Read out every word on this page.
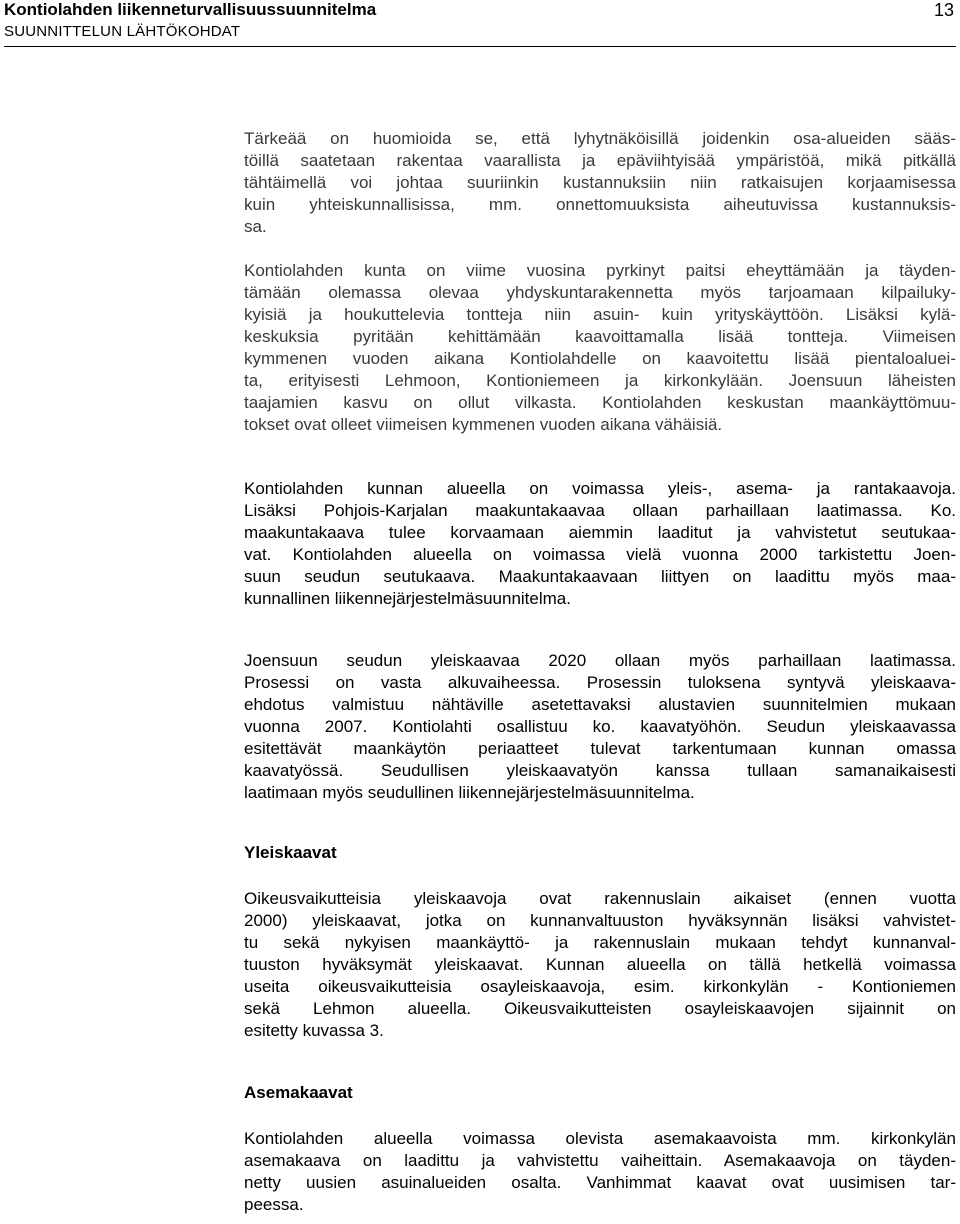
Kontiolahden liikenneturvallisuussuunnitelma
SUUNNITTELUN LÄHTÖKOHDAT
13

Tärkeää on huomioida se, että lyhytnäköisillä joidenkin osa-alueiden sääs-
töillä saatetaan rakentaa vaarallista ja epäviihtyisää ympäristöä, mikä pitkällä
tähtäimellä voi johtaa suuriinkin kustannuksiin niin ratkaisujen korjaamisessa
kuin yhteiskunnallisissa, mm. onnettomuuksista aiheutuvissa kustannuksis-
sa.

Kontiolahden kunta on viime vuosina pyrkinyt paitsi eheyttämään ja täyden-
tämään olemassa olevaa yhdyskuntarakennetta myös tarjoamaan kilpailuky-
kyisiä ja houkuttelevia tontteja niin asuin- kuin yrityskäyttöön. Lisäksi kylä-
keskuksia pyritään kehittämään kaavoittamalla lisää tontteja. Viimeisen
kymmenen vuoden aikana Kontiolahdelle on kaavoitettu lisää pientaloaluei-
ta, erityisesti Lehmoon, Kontioniemeen ja kirkonkylään. Joensuun läheisten
taajamien kasvu on ollut vilkasta. Kontiolahden keskustan maankäyttömuu-
tokset ovat olleet viimeisen kymmenen vuoden aikana vähäisiä.

Kontiolahden kunnan alueella on voimassa yleis-, asema- ja rantakaavoja.
Lisäksi Pohjois-Karjalan maakuntakaavaa ollaan parhaillaan laatimassa. Ko.
maakuntakaava tulee korvaamaan aiemmin laaditut ja vahvistetut seutukaa-
vat. Kontiolahden alueella on voimassa vielä vuonna 2000 tarkistettu Joen-
suun seudun seutukaava. Maakuntakaavaan liittyen on laadittu myös maa-
kunnallinen liikennejärjestelmäsuunnitelma.

Joensuun seudun yleiskaavaa 2020 ollaan myös parhaillaan laatimassa.
Prosessi on vasta alkuvaiheessa. Prosessin tuloksena syntyvä yleiskaava-
ehdotus valmistuu nähtäville asetettavaksi alustavien suunnitelmien mukaan
vuonna 2007. Kontiolahti osallistuu ko. kaavatyöhön. Seudun yleiskaavassa
esitettävät maankäytön periaatteet tulevat tarkentumaan kunnan omassa
kaavatyössä. Seudullisen yleiskaavatyön kanssa tullaan samanaikaisesti
laatimaan myös seudullinen liikennejärjestelmäsuunnitelma.

Yleiskaavat

Oikeusvaikutteisia yleiskaavoja ovat rakennuslain aikaiset (ennen vuotta
2000) yleiskaavat, jotka on kunnanvaltuuston hyväksynnän lisäksi vahvistet-
tu sekä nykyisen maankäyttö- ja rakennuslain mukaan tehdyt kunnanval-
tuuston hyväksymät yleiskaavat. Kunnan alueella on tällä hetkellä voimassa
useita oikeusvaikutteisia osayleiskaavoja, esim. kirkonkylän - Kontioniemen
sekä Lehmon alueella. Oikeusvaikutteisten osayleiskaavojen sijainnit on
esitetty kuvassa 3.

Asemakaavat

Kontiolahden alueella voimassa olevista asemakaavoista mm. kirkonkylän
asemakaava on laadittu ja vahvistettu vaiheittain. Asemakaavoja on täyden-
netty uusien asuinalueiden osalta. Vanhimmat kaavat ovat uusimisen tar-
peessa.
